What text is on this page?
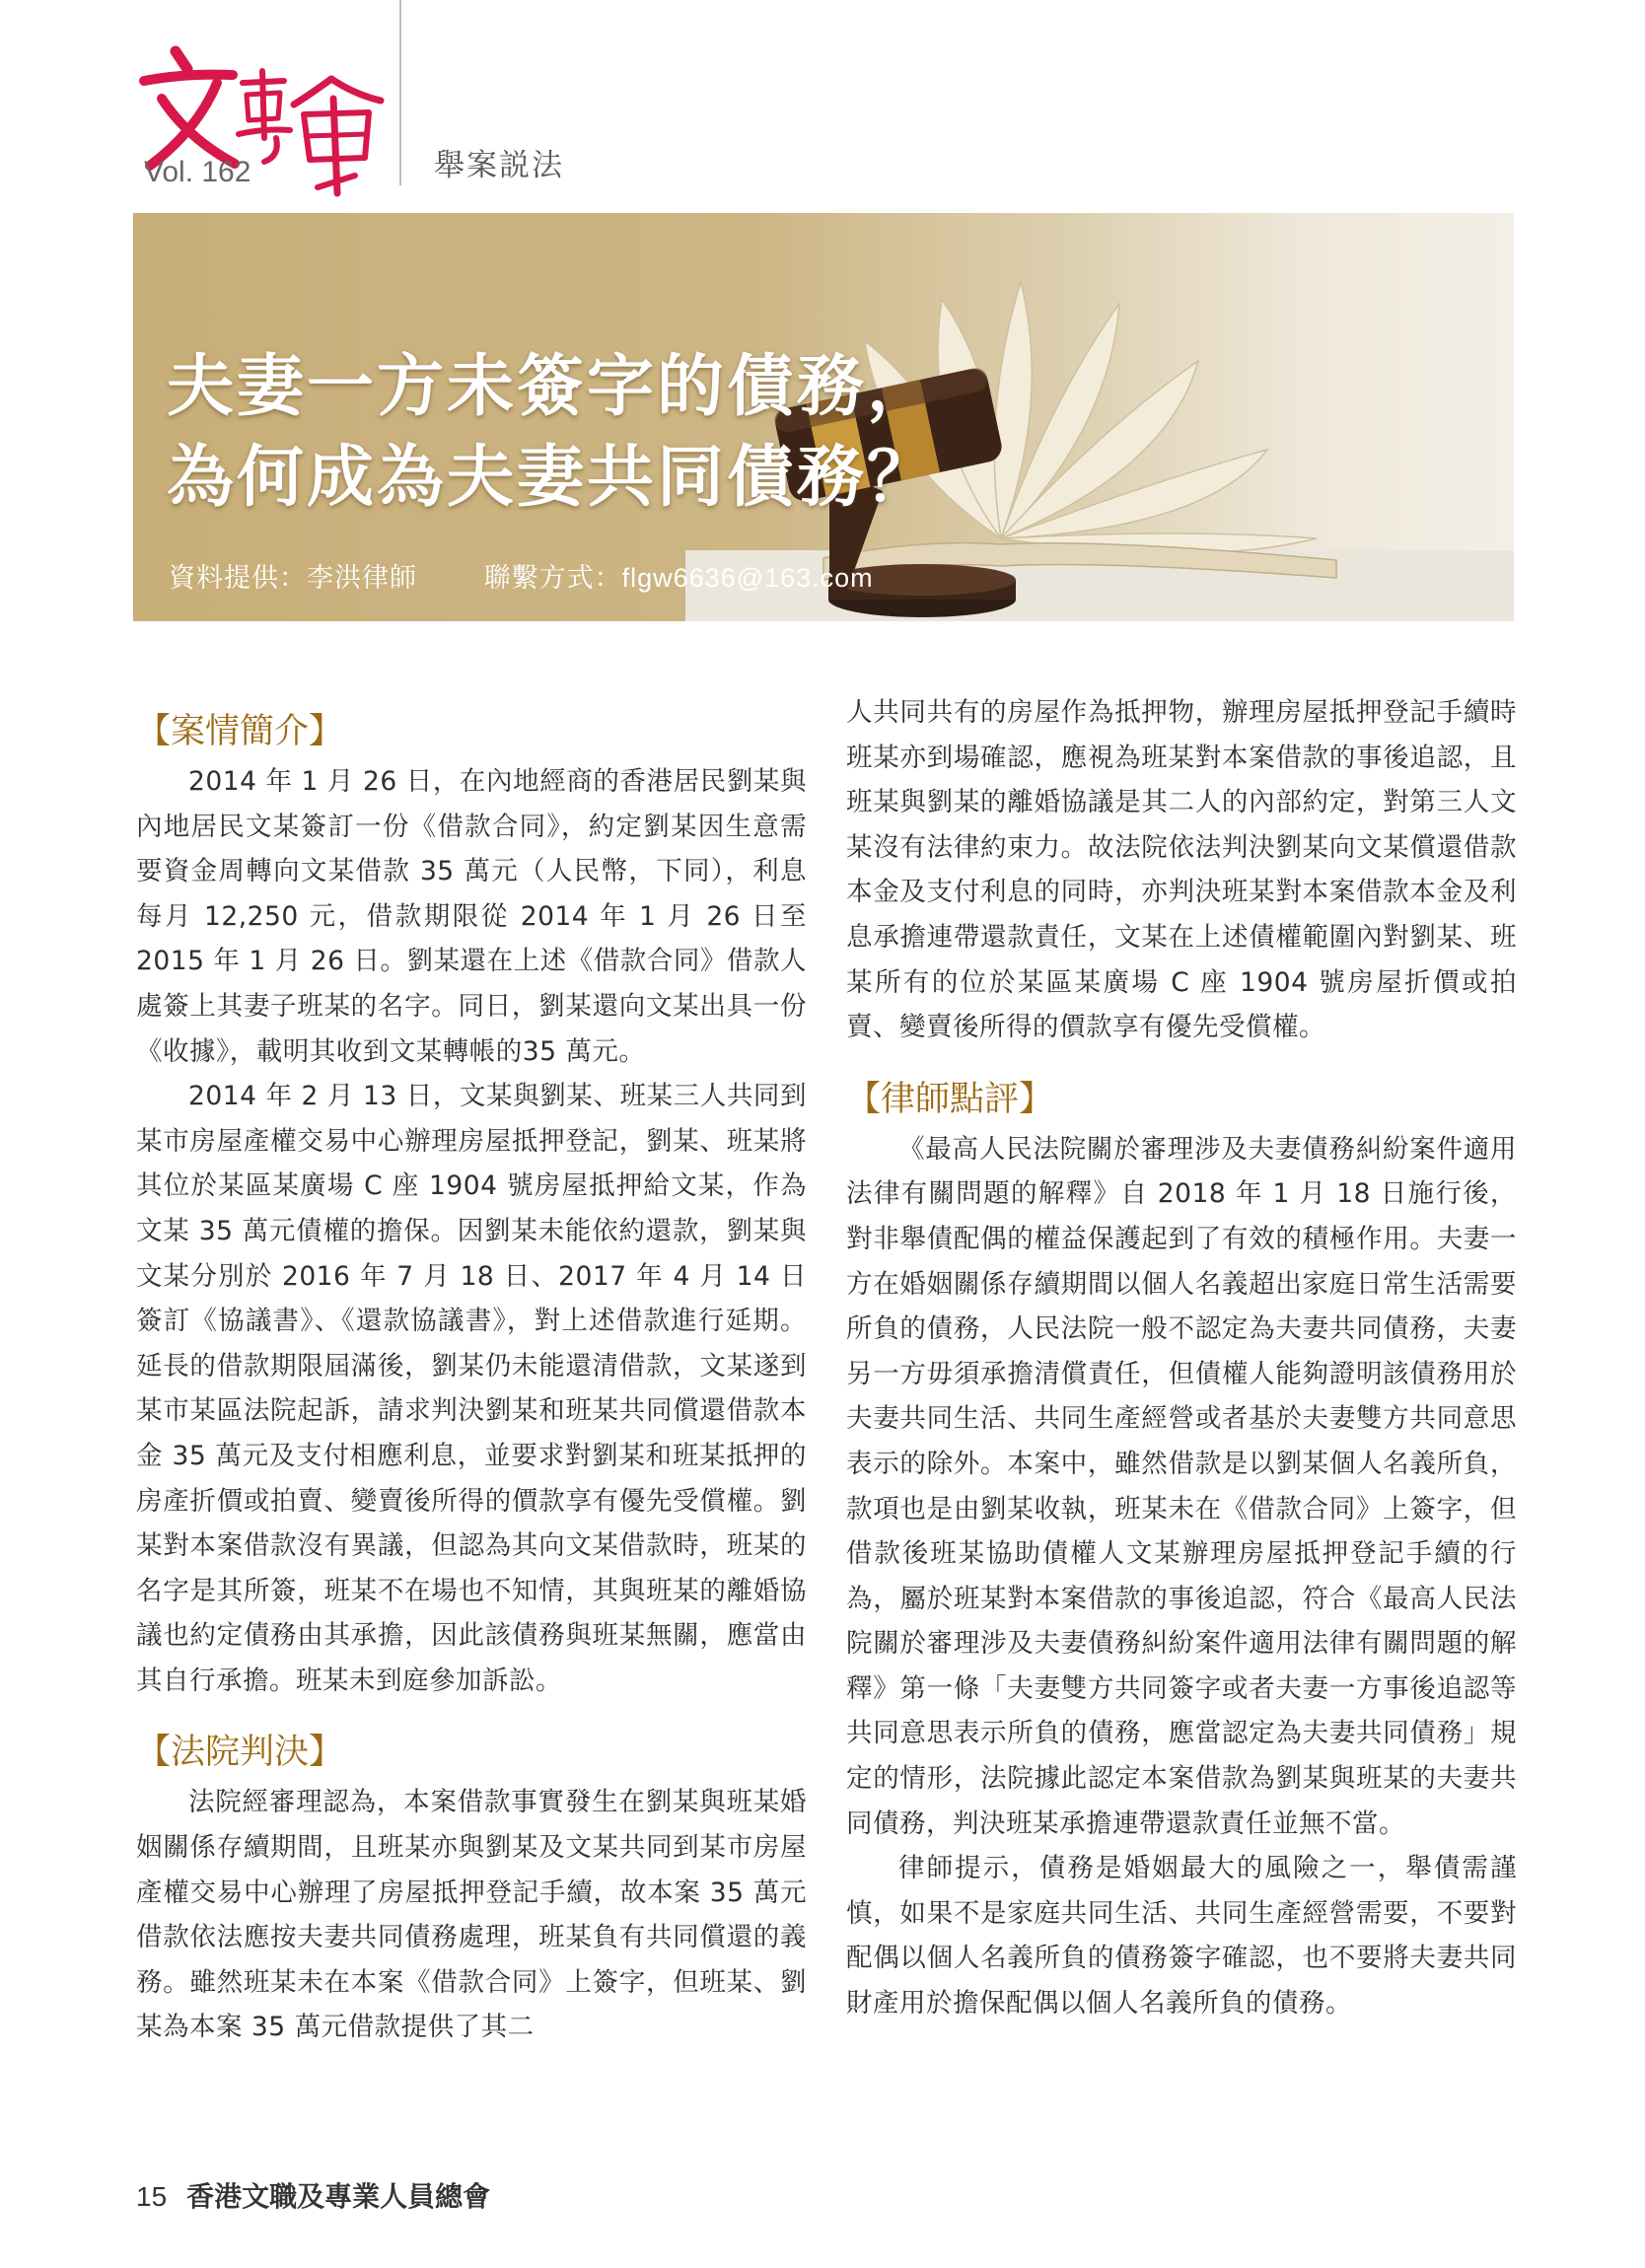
Vol. 162	舉案説法
夫妻一方未簽字的債務，
為何成為夫妻共同債務？
資料提供：李洪律師	聯繫方式：flgw6636@163.com
【案情簡介】

2014 年 1 月 26 日，在內地經商的香港居民劉某與內地居民文某簽訂一份《借款合同》，約定劉某因生意需要資金周轉向文某借款 35 萬元（人民幣，下同），利息每月 12,250 元，借款期限從 2014 年 1 月 26 日至2015 年 1 月 26 日。劉某還在上述《借款合同》借款人處簽上其妻子班某的名字。同日，劉某還向文某出具一份《收據》，載明其收到文某轉帳的35 萬元。

2014 年 2 月 13 日，文某與劉某、班某三人共同到某市房屋產權交易中心辦理房屋抵押登記，劉某、班某將其位於某區某廣場 C 座 1904 號房屋抵押給文某，作為文某 35 萬元債權的擔保。因劉某未能依約還款，劉某與文某分別於 2016 年 7 月 18 日、2017 年 4 月 14 日簽訂《協議書》、《還款協議書》，對上述借款進行延期。延長的借款期限屆滿後，劉某仍未能還清借款，文某遂到某市某區法院起訴，請求判決劉某和班某共同償還借款本金 35 萬元及支付相應利息，並要求對劉某和班某抵押的房產折價或拍賣、變賣後所得的價款享有優先受償權。劉某對本案借款沒有異議，但認為其向文某借款時，班某的名字是其所簽，班某不在場也不知情，其與班某的離婚協議也約定債務由其承擔，因此該債務與班某無關，應當由其自行承擔。班某未到庭參加訴訟。

【法院判決】

法院經審理認為，本案借款事實發生在劉某與班某婚姻關係存續期間，且班某亦與劉某及文某共同到某市房屋產權交易中心辦理了房屋抵押登記手續，故本案 35 萬元借款依法應按夫妻共同債務處理，班某負有共同償還的義務。雖然班某未在本案《借款合同》上簽字，但班某、劉某為本案 35 萬元借款提供了其二

人共同共有的房屋作為抵押物，辦理房屋抵押登記手續時班某亦到場確認，應視為班某對本案借款的事後追認，且班某與劉某的離婚協議是其二人的內部約定，對第三人文某沒有法律約束力。故法院依法判決劉某向文某償還借款本金及支付利息的同時，亦判決班某對本案借款本金及利息承擔連帶還款責任，文某在上述債權範圍內對劉某、班某所有的位於某區某廣場 C 座 1904 號房屋折價或拍賣、變賣後所得的價款享有優先受償權。

【律師點評】

《最高人民法院關於審理涉及夫妻債務糾紛案件適用法律有關問題的解釋》自 2018 年 1 月 18 日施行後，對非舉債配偶的權益保護起到了有效的積極作用。夫妻一方在婚姻關係存續期間以個人名義超出家庭日常生活需要所負的債務，人民法院一般不認定為夫妻共同債務，夫妻另一方毋須承擔清償責任，但債權人能夠證明該債務用於夫妻共同生活、共同生產經營或者基於夫妻雙方共同意思表示的除外。本案中，雖然借款是以劉某個人名義所負，款項也是由劉某收執，班某未在《借款合同》上簽字，但借款後班某協助債權人文某辦理房屋抵押登記手續的行為，屬於班某對本案借款的事後追認，符合《最高人民法院關於審理涉及夫妻債務糾紛案件適用法律有關問題的解釋》第一條「夫妻雙方共同簽字或者夫妻一方事後追認等共同意思表示所負的債務，應當認定為夫妻共同債務」規定的情形，法院據此認定本案借款為劉某與班某的夫妻共同債務，判決班某承擔連帶還款責任並無不當。

律師提示，債務是婚姻最大的風險之一，舉債需謹慎，如果不是家庭共同生活、共同生產經營需要，不要對配偶以個人名義所負的債務簽字確認，也不要將夫妻共同財產用於擔保配偶以個人名義所負的債務。

15 香港文職及專業人員總會
